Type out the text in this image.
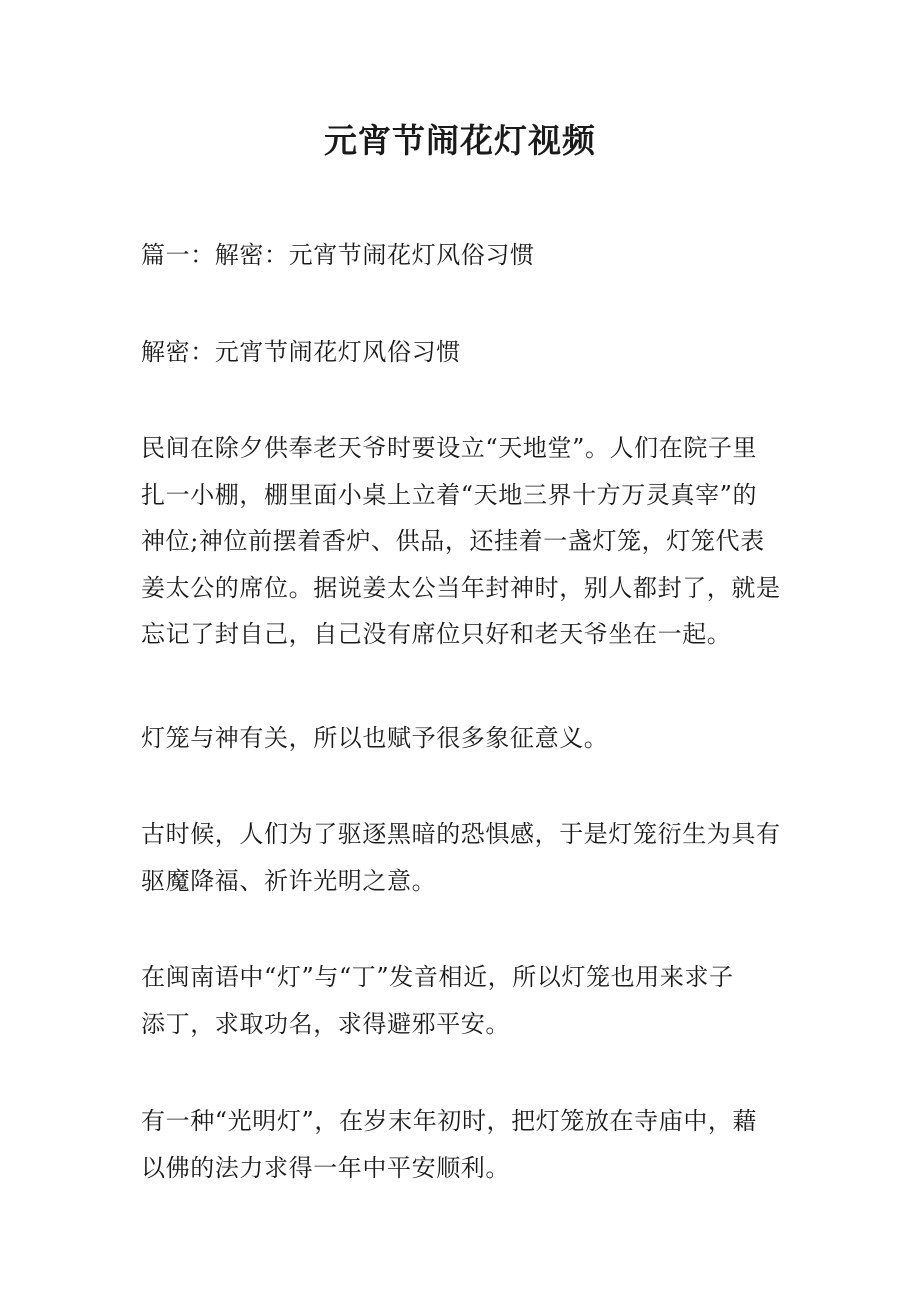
元宵节闹花灯视频

篇一：解密：元宵节闹花灯风俗习惯

解密：元宵节闹花灯风俗习惯

民间在除夕供奉老天爷时要设立“天地堂”。人们在院子里
扎一小棚，棚里面小桌上立着“天地三界十方万灵真宰”的
神位;神位前摆着香炉、供品，还挂着一盏灯笼，灯笼代表
姜太公的席位。据说姜太公当年封神时，别人都封了，就是
忘记了封自己，自己没有席位只好和老天爷坐在一起。

灯笼与神有关，所以也赋予很多象征意义。

古时候，人们为了驱逐黑暗的恐惧感，于是灯笼衍生为具有
驱魔降福、祈许光明之意。

在闽南语中“灯”与“丁”发音相近，所以灯笼也用来求子
添丁，求取功名，求得避邪平安。

有一种“光明灯”，在岁末年初时，把灯笼放在寺庙中，藉
以佛的法力求得一年中平安顺利。
